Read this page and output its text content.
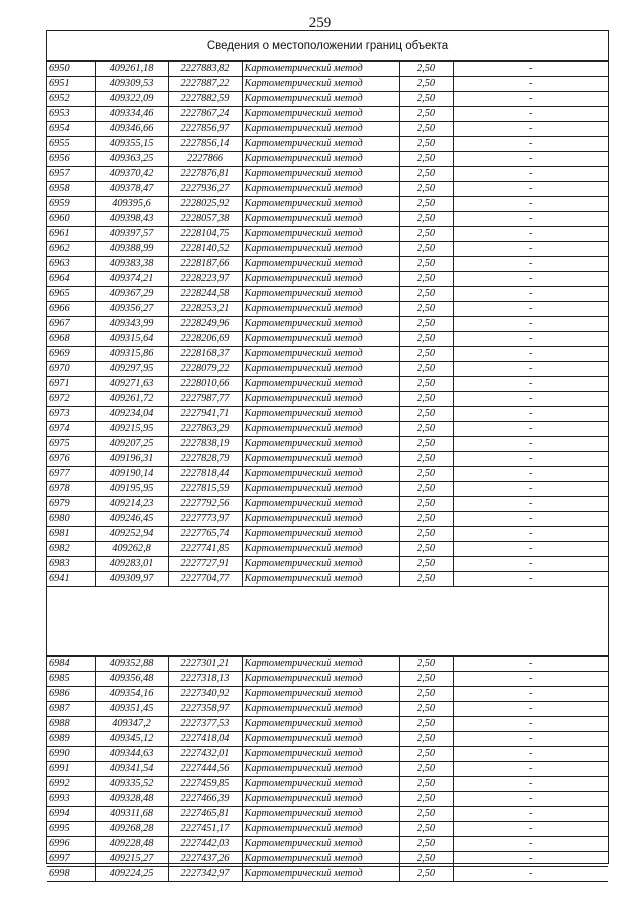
259
Сведения о местоположении границ объекта
6950	409261,18	2227883,82	Картометрический метод	2,50	-
6951	409309,53	2227887,22	Картометрический метод	2,50	-
6952	409322,09	2227882,59	Картометрический метод	2,50	-
6953	409334,46	2227867,24	Картометрический метод	2,50	-
6954	409346,66	2227856,97	Картометрический метод	2,50	-
6955	409355,15	2227856,14	Картометрический метод	2,50	-
6956	409363,25	2227866	Картометрический метод	2,50	-
6957	409370,42	2227876,81	Картометрический метод	2,50	-
6958	409378,47	2227936,27	Картометрический метод	2,50	-
6959	409395,6	2228025,92	Картометрический метод	2,50	-
6960	409398,43	2228057,38	Картометрический метод	2,50	-
6961	409397,57	2228104,75	Картометрический метод	2,50	-
6962	409388,99	2228140,52	Картометрический метод	2,50	-
6963	409383,38	2228187,66	Картометрический метод	2,50	-
6964	409374,21	2228223,97	Картометрический метод	2,50	-
6965	409367,29	2228244,58	Картометрический метод	2,50	-
6966	409356,27	2228253,21	Картометрический метод	2,50	-
6967	409343,99	2228249,96	Картометрический метод	2,50	-
6968	409315,64	2228206,69	Картометрический метод	2,50	-
6969	409315,86	2228168,37	Картометрический метод	2,50	-
6970	409297,95	2228079,22	Картометрический метод	2,50	-
6971	409271,63	2228010,66	Картометрический метод	2,50	-
6972	409261,72	2227987,77	Картометрический метод	2,50	-
6973	409234,04	2227941,71	Картометрический метод	2,50	-
6974	409215,95	2227863,29	Картометрический метод	2,50	-
6975	409207,25	2227838,19	Картометрический метод	2,50	-
6976	409196,31	2227828,79	Картометрический метод	2,50	-
6977	409190,14	2227818,44	Картометрический метод	2,50	-
6978	409195,95	2227815,59	Картометрический метод	2,50	-
6979	409214,23	2227792,56	Картометрический метод	2,50	-
6980	409246,45	2227773,97	Картометрический метод	2,50	-
6981	409252,94	2227765,74	Картометрический метод	2,50	-
6982	409262,8	2227741,85	Картометрический метод	2,50	-
6983	409283,01	2227727,91	Картометрический метод	2,50	-
6941	409309,97	2227704,77	Картометрический метод	2,50	-
6984	409352,88	2227301,21	Картометрический метод	2,50	-
6985	409356,48	2227318,13	Картометрический метод	2,50	-
6986	409354,16	2227340,92	Картометрический метод	2,50	-
6987	409351,45	2227358,97	Картометрический метод	2,50	-
6988	409347,2	2227377,53	Картометрический метод	2,50	-
6989	409345,12	2227418,04	Картометрический метод	2,50	-
6990	409344,63	2227432,01	Картометрический метод	2,50	-
6991	409341,54	2227444,56	Картометрический метод	2,50	-
6992	409335,52	2227459,85	Картометрический метод	2,50	-
6993	409328,48	2227466,39	Картометрический метод	2,50	-
6994	409311,68	2227465,81	Картометрический метод	2,50	-
6995	409268,28	2227451,17	Картометрический метод	2,50	-
6996	409228,48	2227442,03	Картометрический метод	2,50	-
6997	409215,27	2227437,26	Картометрический метод	2,50	-
6998	409224,25	2227342,97	Картометрический метод	2,50	-
